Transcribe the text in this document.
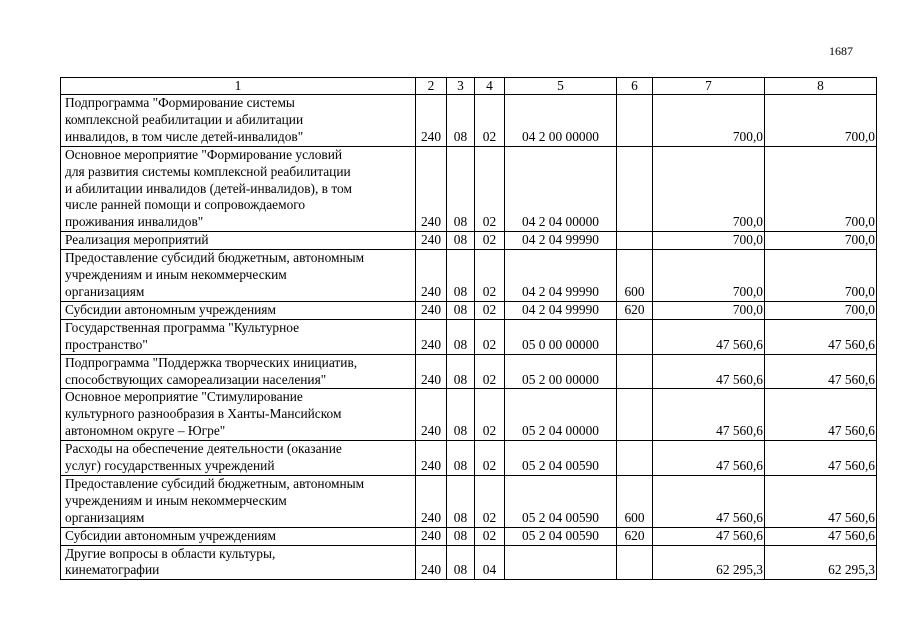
1687
1	2	3	4	5	6	7	8

Подпрограмма "Формирование системы
комплексной реабилитации и абилитации
инвалидов, в том числе детей-инвалидов"	240	08	02	04 2 00 00000		700,0	700,0

Основное мероприятие "Формирование условий
для развития системы комплексной реабилитации
и абилитации инвалидов (детей-инвалидов), в том
числе ранней помощи и сопровождаемого
проживания инвалидов"	240	08	02	04 2 04 00000		700,0	700,0

Реализация мероприятий	240	08	02	04 2 04 99990		700,0	700,0

Предоставление субсидий бюджетным, автономным
учреждениям и иным некоммерческим
организациям	240	08	02	04 2 04 99990	600	700,0	700,0

Субсидии автономным учреждениям	240	08	02	04 2 04 99990	620	700,0	700,0

Государственная программа "Культурное
пространство"	240	08	02	05 0 00 00000		47 560,6	47 560,6

Подпрограмма "Поддержка творческих инициатив,
способствующих самореализации населения"	240	08	02	05 2 00 00000		47 560,6	47 560,6

Основное мероприятие "Стимулирование
культурного разнообразия в Ханты-Мансийском
автономном округе – Югре"	240	08	02	05 2 04 00000		47 560,6	47 560,6

Расходы на обеспечение деятельности (оказание
услуг) государственных учреждений	240	08	02	05 2 04 00590		47 560,6	47 560,6

Предоставление субсидий бюджетным, автономным
учреждениям и иным некоммерческим
организациям	240	08	02	05 2 04 00590	600	47 560,6	47 560,6

Субсидии автономным учреждениям	240	08	02	05 2 04 00590	620	47 560,6	47 560,6

Другие вопросы в области культуры,
кинематографии	240	08	04			62 295,3	62 295,3
